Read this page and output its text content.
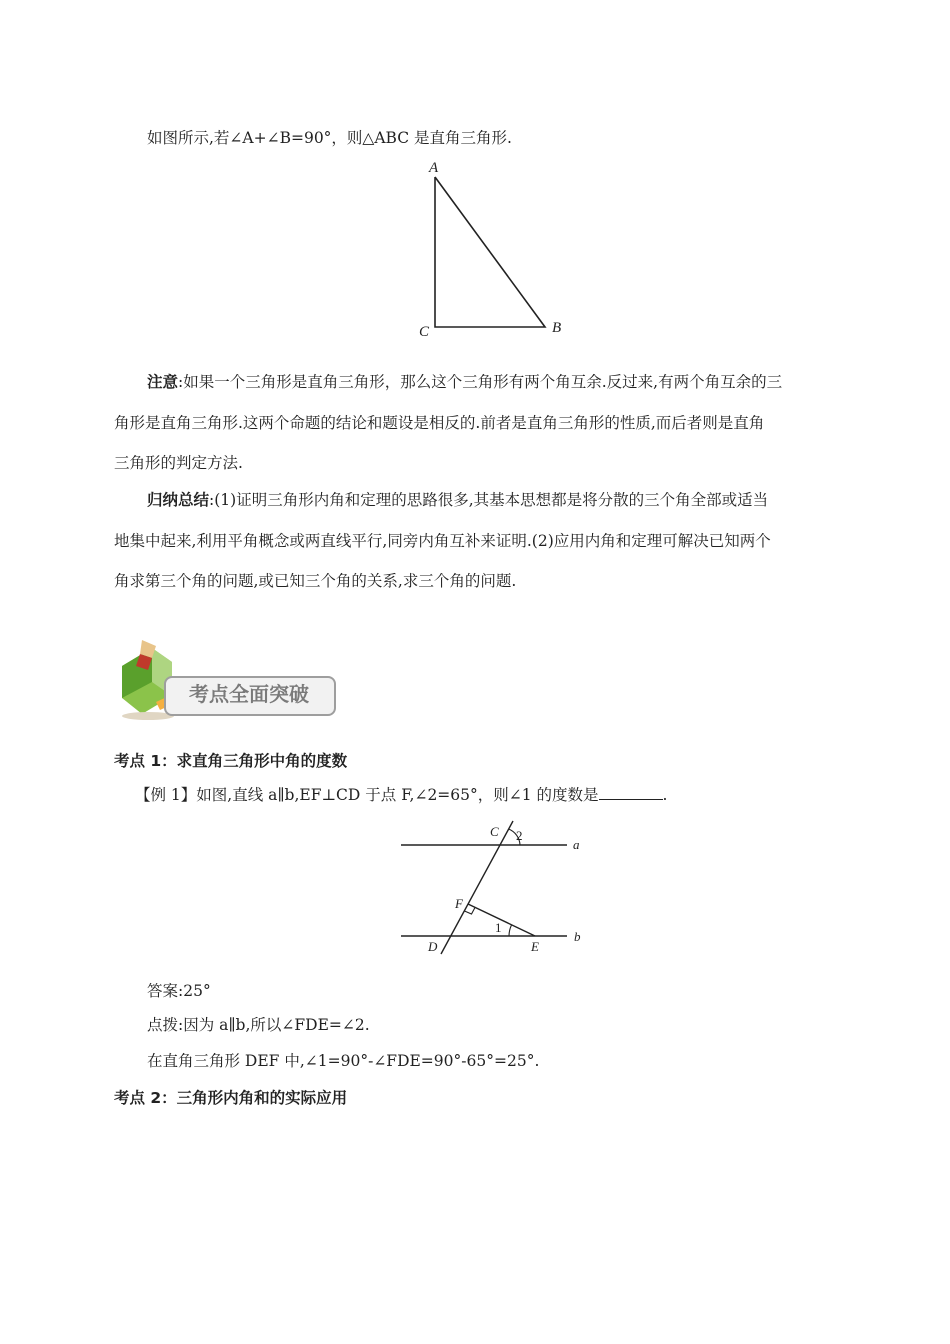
如图所示,若∠A+∠B=90°，则△ABC 是直角三角形.
A
B
C
注意:如果一个三角形是直角三角形，那么这个三角形有两个角互余.反过来,有两个角互余的三
角形是直角三角形.这两个命题的结论和题设是相反的.前者是直角三角形的性质,而后者则是直角
三角形的判定方法.
归纳总结:(1)证明三角形内角和定理的思路很多,其基本思想都是将分散的三个角全部或适当
地集中起来,利用平角概念或两直线平行,同旁内角互补来证明.(2)应用内角和定理可解决已知两个
角求第三个角的问题,或已知三个角的关系,求三个角的问题.
考点全面突破
考点 1：求直角三角形中角的度数
【例 1】如图,直线 a∥b,EF⊥CD 于点 F,∠2=65°，则∠1 的度数是	.
C 2
a
F
1
b
D	E
答案:25°
点拨:因为 a∥b,所以∠FDE=∠2.
在直角三角形 DEF 中,∠1=90°-∠FDE=90°-65°=25°.
考点 2：三角形内角和的实际应用
